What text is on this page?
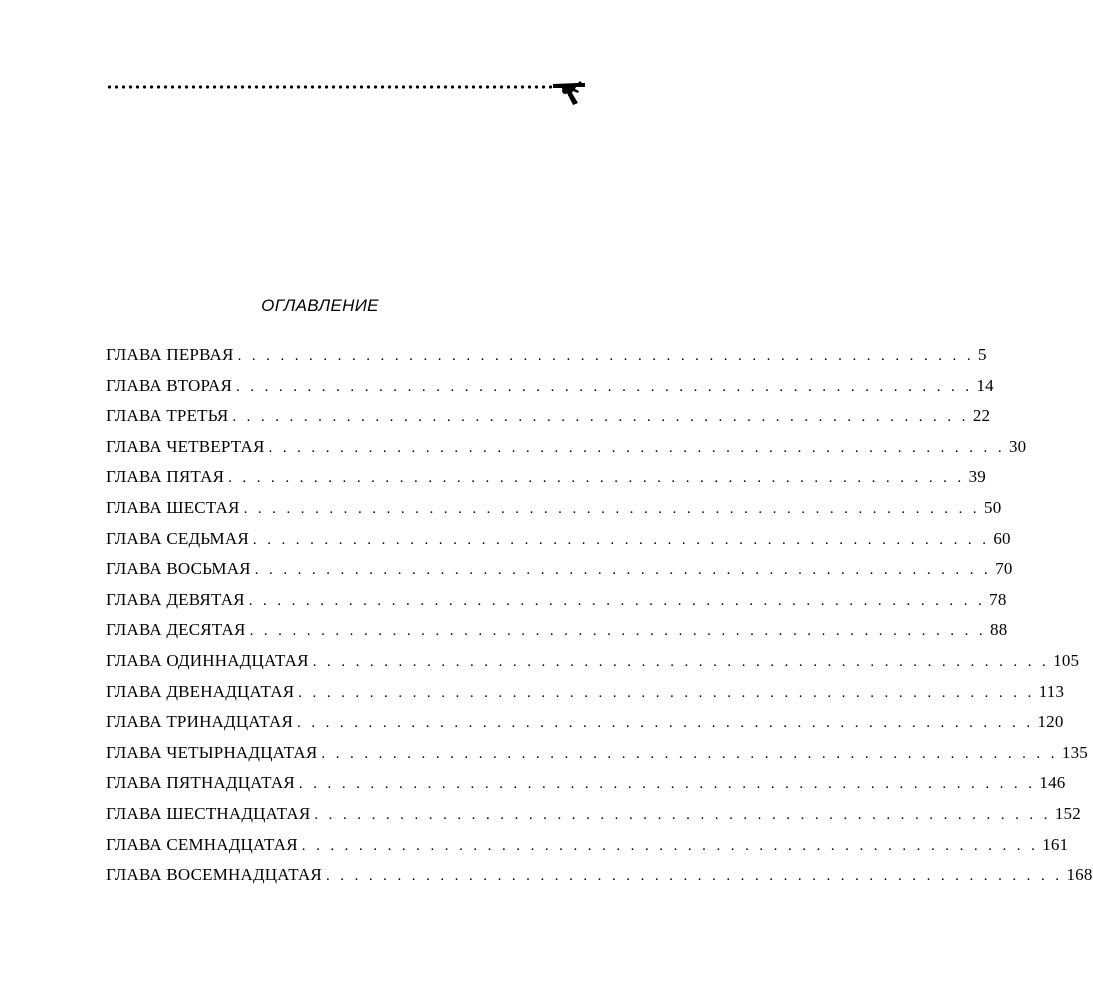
ОГЛАВЛЕНИЕ
ГЛАВА ПЕРВАЯ . . . . . . . . . . . . . . . . . . . . . . . . . . . . . . . . . . . . . . . . . . . . . . . . . . . . 5
ГЛАВА ВТОРАЯ . . . . . . . . . . . . . . . . . . . . . . . . . . . . . . . . . . . . . . . . . . . . . . . . . . . . 14
ГЛАВА ТРЕТЬЯ . . . . . . . . . . . . . . . . . . . . . . . . . . . . . . . . . . . . . . . . . . . . . . . . . . . . 22
ГЛАВА ЧЕТВЕРТАЯ . . . . . . . . . . . . . . . . . . . . . . . . . . . . . . . . . . . . . . . . . . . . . . . . . . . . 30
ГЛАВА ПЯТАЯ . . . . . . . . . . . . . . . . . . . . . . . . . . . . . . . . . . . . . . . . . . . . . . . . . . . . 39
ГЛАВА ШЕСТАЯ . . . . . . . . . . . . . . . . . . . . . . . . . . . . . . . . . . . . . . . . . . . . . . . . . . . . 50
ГЛАВА СЕДЬМАЯ . . . . . . . . . . . . . . . . . . . . . . . . . . . . . . . . . . . . . . . . . . . . . . . . . . . . 60
ГЛАВА ВОСЬМАЯ . . . . . . . . . . . . . . . . . . . . . . . . . . . . . . . . . . . . . . . . . . . . . . . . . . . . 70
ГЛАВА ДЕВЯТАЯ . . . . . . . . . . . . . . . . . . . . . . . . . . . . . . . . . . . . . . . . . . . . . . . . . . . . 78
ГЛАВА ДЕСЯТАЯ . . . . . . . . . . . . . . . . . . . . . . . . . . . . . . . . . . . . . . . . . . . . . . . . . . . . 88
ГЛАВА ОДИННАДЦАТАЯ . . . . . . . . . . . . . . . . . . . . . . . . . . . . . . . . . . . . . . . . . . . . . . . . . . . . 105
ГЛАВА ДВЕНАДЦАТАЯ . . . . . . . . . . . . . . . . . . . . . . . . . . . . . . . . . . . . . . . . . . . . . . . . . . . . 113
ГЛАВА ТРИНАДЦАТАЯ . . . . . . . . . . . . . . . . . . . . . . . . . . . . . . . . . . . . . . . . . . . . . . . . . . . . 120
ГЛАВА ЧЕТЫРНАДЦАТАЯ . . . . . . . . . . . . . . . . . . . . . . . . . . . . . . . . . . . . . . . . . . . . . . . . . . . . 135
ГЛАВА ПЯТНАДЦАТАЯ . . . . . . . . . . . . . . . . . . . . . . . . . . . . . . . . . . . . . . . . . . . . . . . . . . . . 146
ГЛАВА ШЕСТНАДЦАТАЯ . . . . . . . . . . . . . . . . . . . . . . . . . . . . . . . . . . . . . . . . . . . . . . . . . . . . 152
ГЛАВА СЕМНАДЦАТАЯ . . . . . . . . . . . . . . . . . . . . . . . . . . . . . . . . . . . . . . . . . . . . . . . . . . . . 161
ГЛАВА ВОСЕМНАДЦАТАЯ . . . . . . . . . . . . . . . . . . . . . . . . . . . . . . . . . . . . . . . . . . . . . . . . . . . . 168
